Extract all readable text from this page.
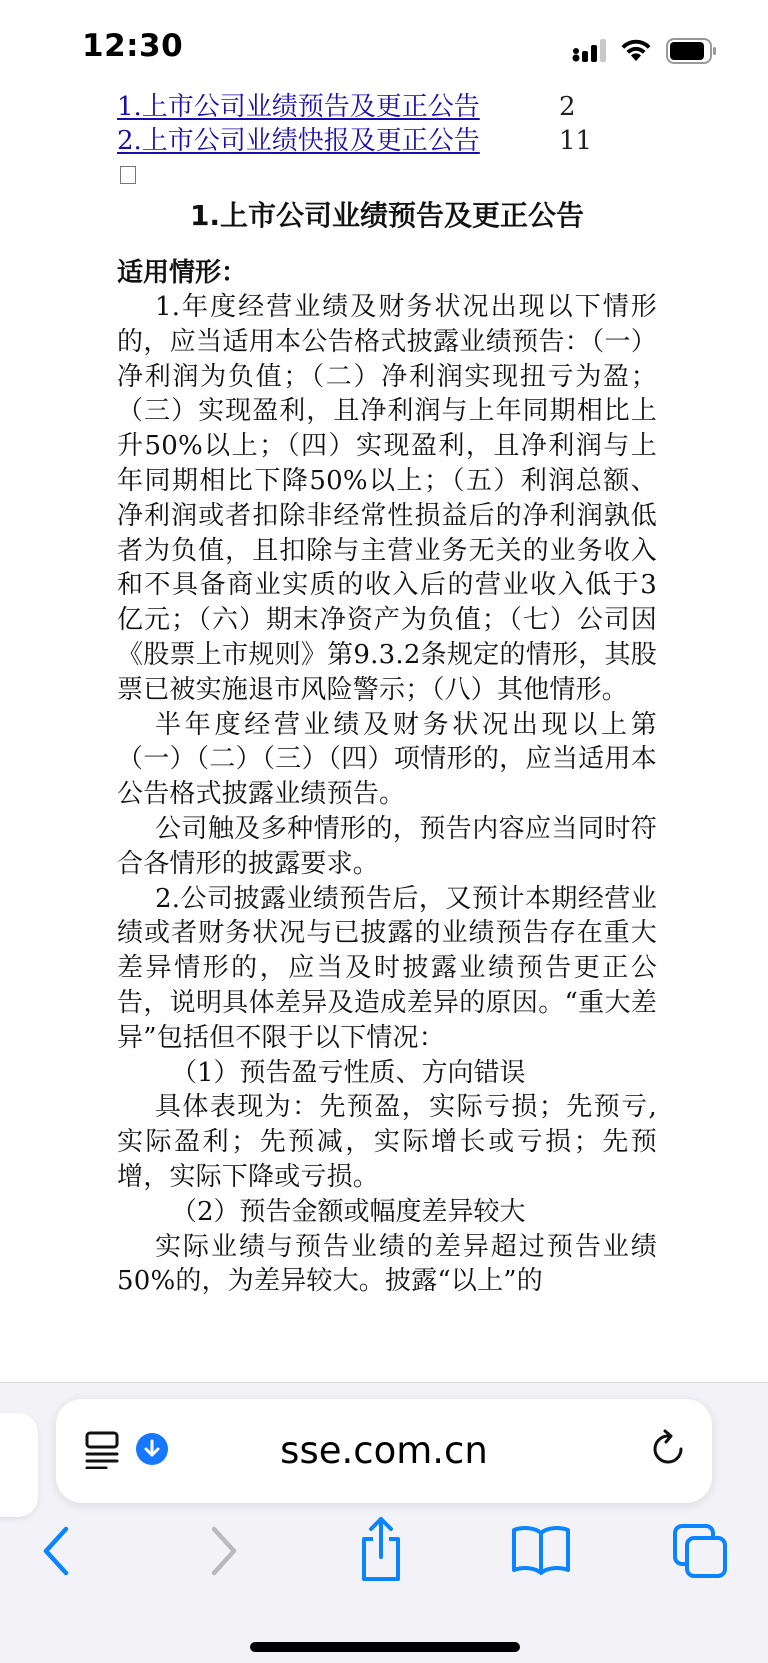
12:30
1.上市公司业绩预告及更正公告	2
2.上市公司业绩快报及更正公告	11
1.上市公司业绩预告及更正公告
适用情形：

1.年度经营业绩及财务状况出现以下情形的，应当适用本公告格式披露业绩预告：（一）净利润为负值；（二）净利润实现扭亏为盈；（三）实现盈利，且净利润与上年同期相比上升50%以上；（四）实现盈利，且净利润与上年同期相比下降50%以上；（五）利润总额、净利润或者扣除非经常性损益后的净利润孰低者为负值，且扣除与主营业务无关的业务收入和不具备商业实质的收入后的营业收入低于3亿元；（六）期末净资产为负值；（七）公司因《股票上市规则》第9.3.2条规定的情形，其股票已被实施退市风险警示；（八）其他情形。

半年度经营业绩及财务状况出现以上第（一）（二）（三）（四）项情形的，应当适用本公告格式披露业绩预告。

公司触及多种情形的，预告内容应当同时符合各情形的披露要求。

2.公司披露业绩预告后，又预计本期经营业绩或者财务状况与已披露的业绩预告存在重大差异情形的，应当及时披露业绩预告更正公告，说明具体差异及造成差异的原因。“重大差异”包括但不限于以下情况：

（1）预告盈亏性质、方向错误

具体表现为：先预盈，实际亏损；先预亏,实际盈利；先预减，实际增长或亏损；先预增，实际下降或亏损。

（2）预告金额或幅度差异较大

实际业绩与预告业绩的差异超过预告业绩50%的，为差异较大。披露“以上”的

sse.com.cn
